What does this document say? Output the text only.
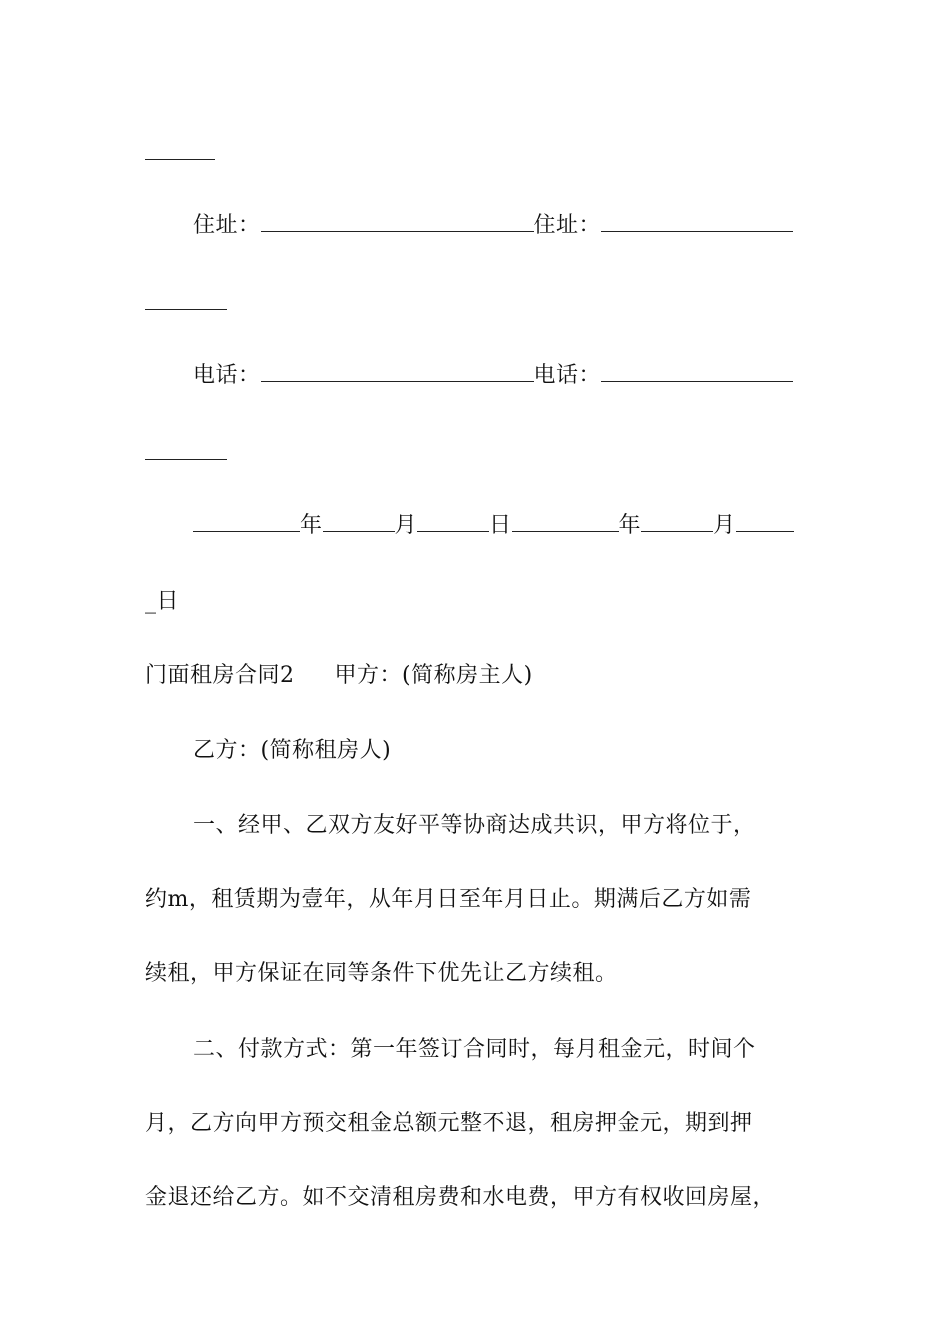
住址：	住址：
电话：	电话：
年	月	日	年	月
_日
门面租房合同2 甲方：(简称房主人)
乙方：(简称租房人)
一、经甲、乙双方友好平等协商达成共识，甲方将位于，
约m，租赁期为壹年，从年月日至年月日止。期满后乙方如需
续租，甲方保证在同等条件下优先让乙方续租。
二、付款方式：第一年签订合同时，每月租金元，时间个
月，乙方向甲方预交租金总额元整不退，租房押金元，期到押
金退还给乙方。如不交清租房费和水电费，甲方有权收回房屋，
